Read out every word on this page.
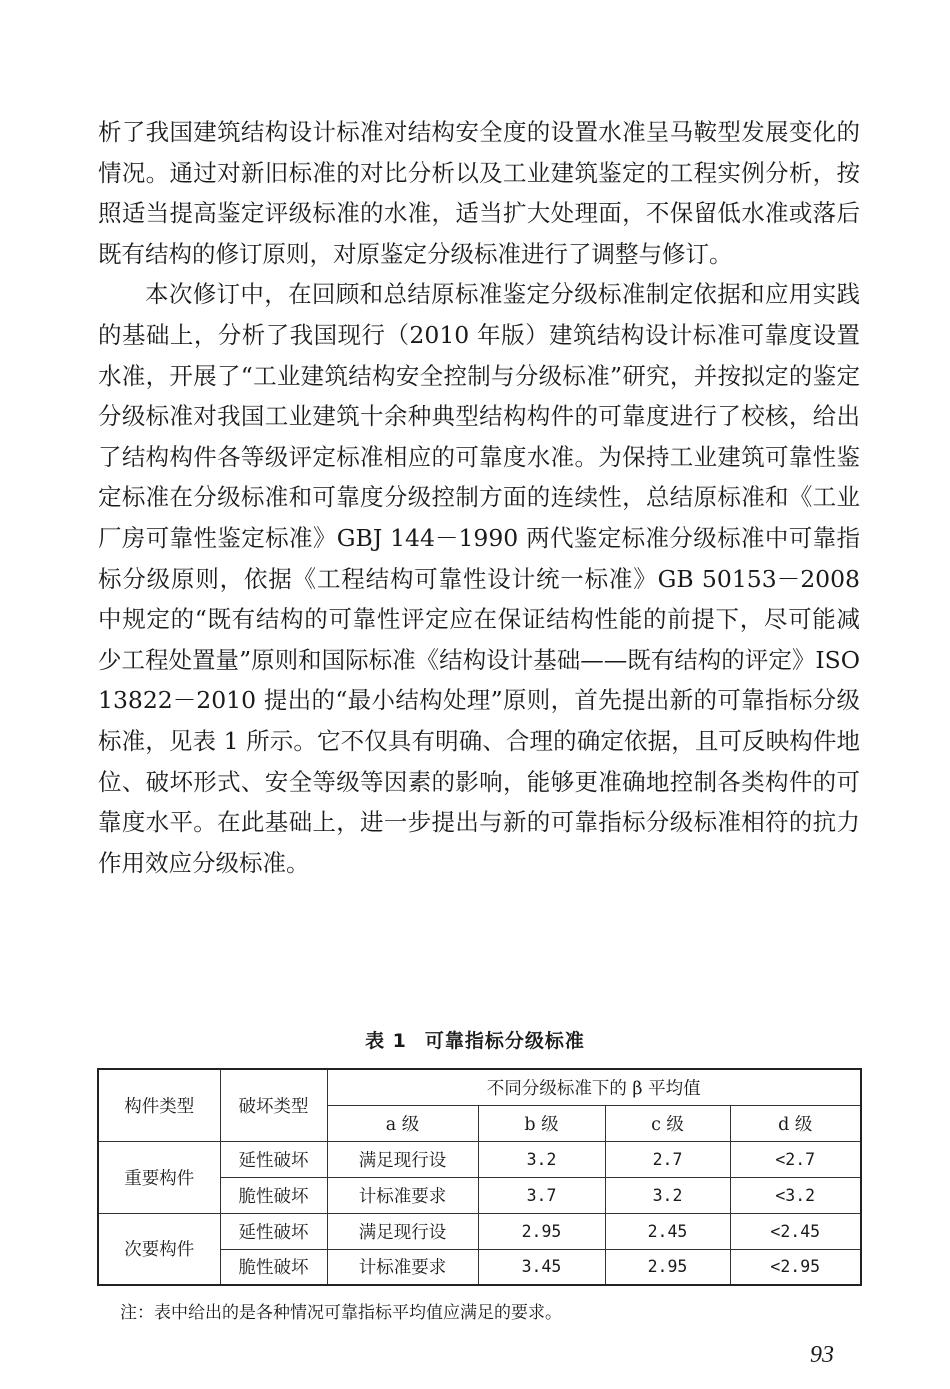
析了我国建筑结构设计标准对结构安全度的设置水准呈马鞍型发展变化的情况。通过对新旧标准的对比分析以及工业建筑鉴定的工程实例分析，按照适当提高鉴定评级标准的水准，适当扩大处理面，不保留低水准或落后既有结构的修订原则，对原鉴定分级标准进行了调整与修订。

本次修订中，在回顾和总结原标准鉴定分级标准制定依据和应用实践的基础上，分析了我国现行（2010 年版）建筑结构设计标准可靠度设置水准，开展了“工业建筑结构安全控制与分级标准”研究，并按拟定的鉴定分级标准对我国工业建筑十余种典型结构构件的可靠度进行了校核，给出了结构构件各等级评定标准相应的可靠度水准。为保持工业建筑可靠性鉴定标准在分级标准和可靠度分级控制方面的连续性，总结原标准和《工业厂房可靠性鉴定标准》GBJ 144－1990 两代鉴定标准分级标准中可靠指标分级原则，依据《工程结构可靠性设计统一标准》GB 50153－2008 中规定的“既有结构的可靠性评定应在保证结构性能的前提下，尽可能减少工程处置量”原则和国际标准《结构设计基础——既有结构的评定》ISO 13822－2010 提出的“最小结构处理”原则，首先提出新的可靠指标分级标准，见表 1 所示。它不仅具有明确、合理的确定依据，且可反映构件地位、破坏形式、安全等级等因素的影响，能够更准确地控制各类构件的可靠度水平。在此基础上，进一步提出与新的可靠指标分级标准相符的抗力作用效应分级标准。

表 1 可靠指标分级标准
构件类型	破坏类型	不同分级标准下的 β 平均值			
		a 级	b 级	c 级	d 级
重要构件	延性破坏	满足现行设	3.2	2.7	<2.7
	脆性破坏	计标准要求	3.7	3.2	<3.2
次要构件	延性破坏	满足现行设	2.95	2.45	<2.45
	脆性破坏	计标准要求	3.45	2.95	<2.95
注：表中给出的是各种情况可靠指标平均值应满足的要求。
93
